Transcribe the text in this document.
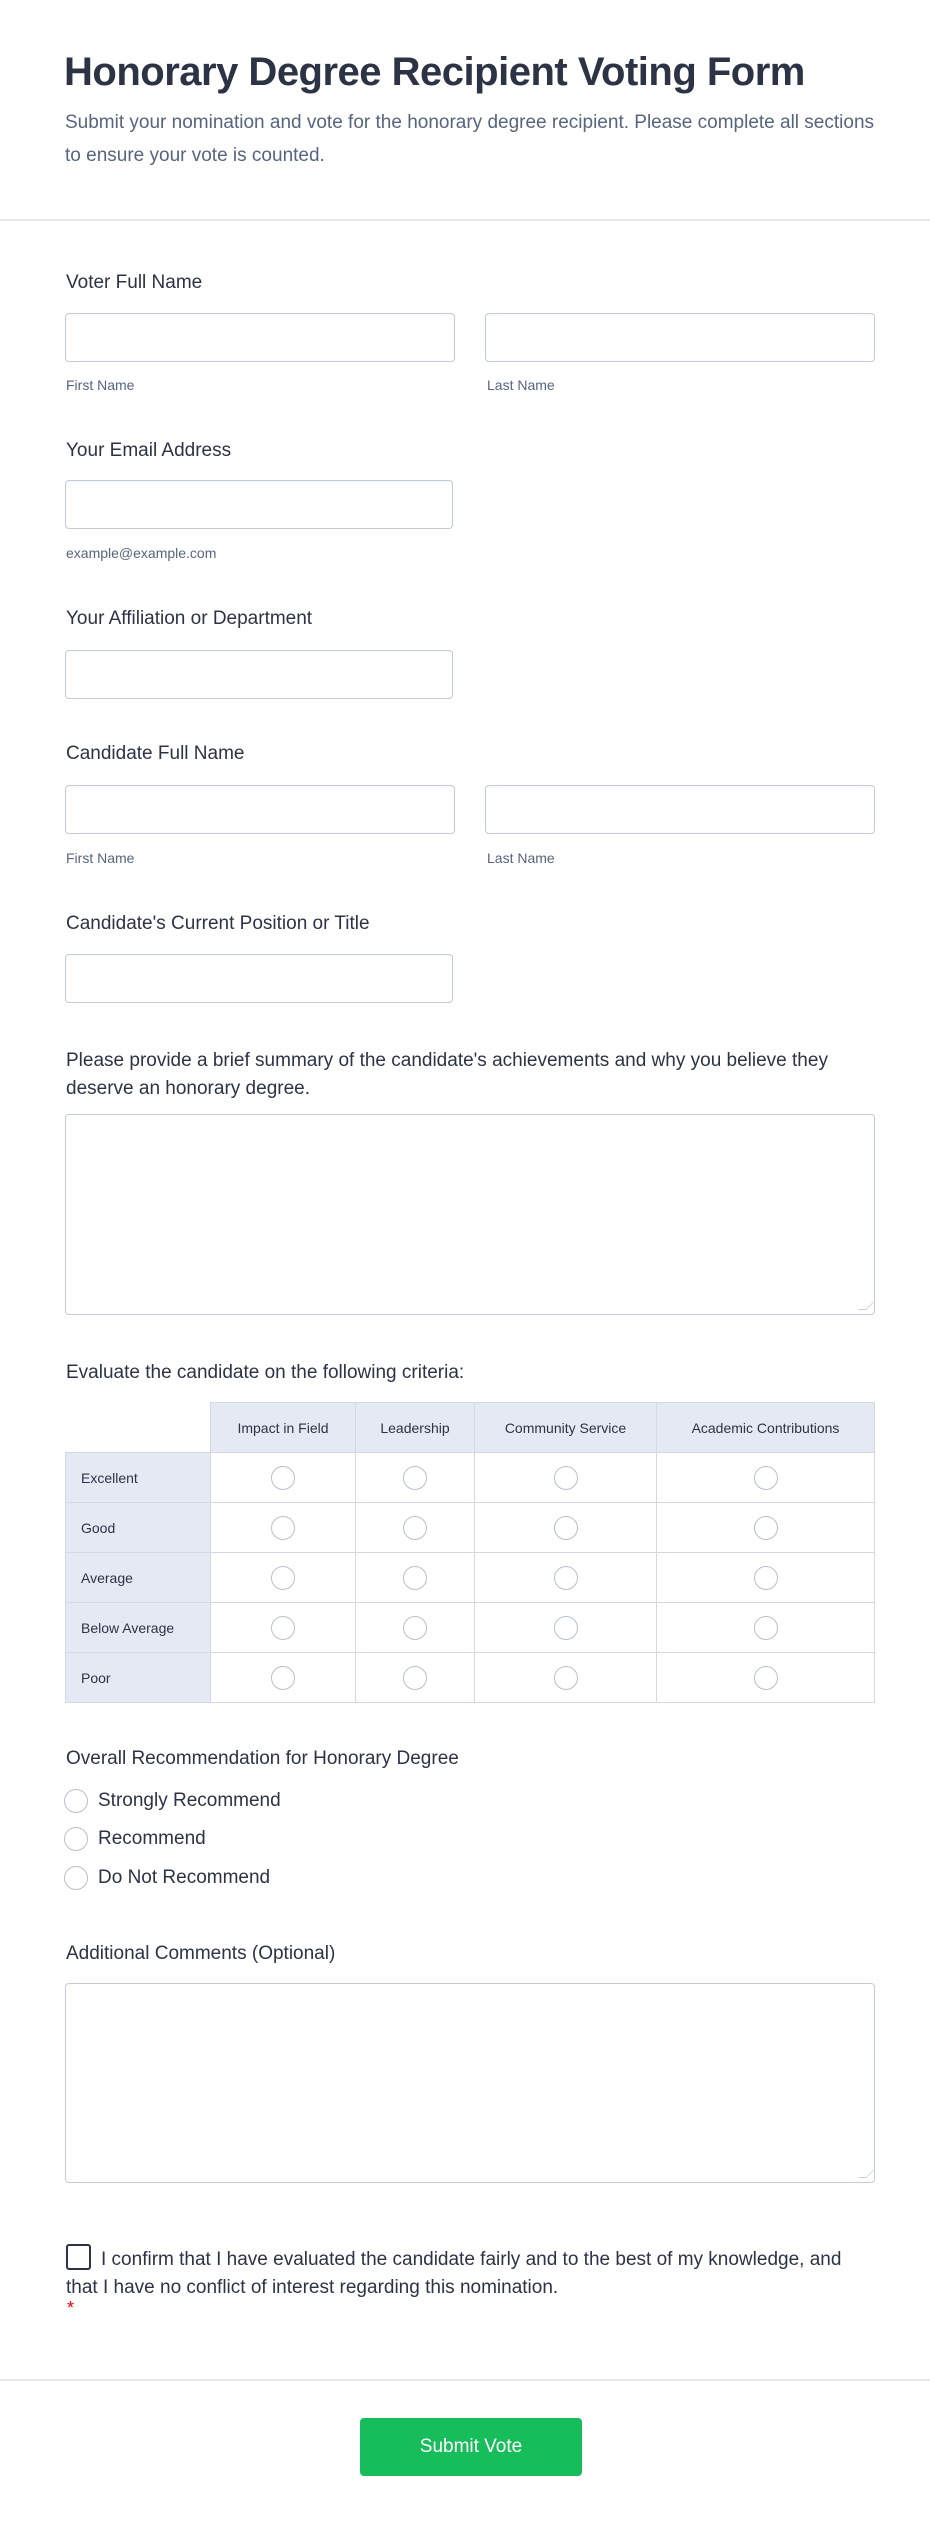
Honorary Degree Recipient Voting Form
Submit your nomination and vote for the honorary degree recipient. Please complete all sections to ensure your vote is counted.
Voter Full Name
First Name	Last Name
Your Email Address
example@example.com
Your Affiliation or Department
Candidate Full Name
First Name	Last Name
Candidate's Current Position or Title
Please provide a brief summary of the candidate's achievements and why you believe they deserve an honorary degree.
Evaluate the candidate on the following criteria:
	Impact in Field	Leadership	Community Service	Academic Contributions
Excellent				
Good				
Average				
Below Average				
Poor				
Overall Recommendation for Honorary Degree
Strongly Recommend
Recommend
Do Not Recommend
Additional Comments (Optional)
I confirm that I have evaluated the candidate fairly and to the best of my knowledge, and that I have no conflict of interest regarding this nomination.
*
Submit Vote
